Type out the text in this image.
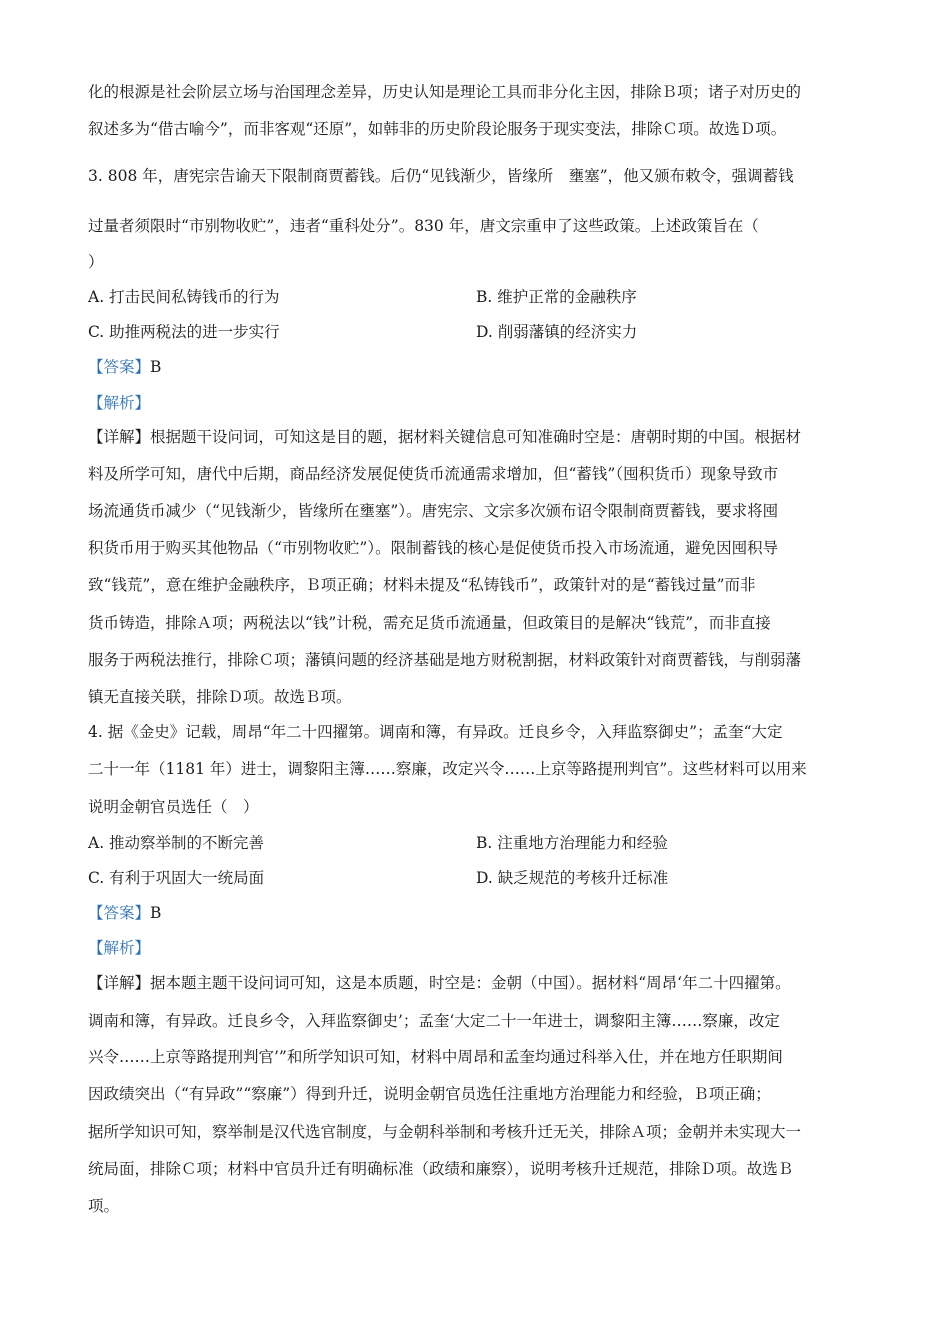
化的根源是社会阶层立场与治国理念差异，历史认知是理论工具而非分化主因，排除Ｂ项；诸子对历史的
叙述多为“借古喻今”，而非客观“还原”，如韩非的历史阶段论服务于现实变法，排除Ｃ项。故选Ｄ项。
3. 808 年，唐宪宗告谕天下限制商贾蓄钱。后仍“见钱渐少，皆缘所　壅塞”，他又颁布敕令，强调蓄钱
过量者须限时“市别物收贮”，违者“重科处分”。830 年，唐文宗重申了这些政策。上述政策旨在（
）
A. 打击民间私铸钱币的行为	B. 维护正常的金融秩序
C. 助推两税法的进一步实行	D. 削弱藩镇的经济实力
【答案】B
【解析】
【详解】根据题干设问词，可知这是目的题，据材料关键信息可知准确时空是：唐朝时期的中国。根据材
料及所学可知，唐代中后期，商品经济发展促使货币流通需求增加，但“蓄钱”（囤积货币）现象导致市
场流通货币减少（“见钱渐少，皆缘所在壅塞”）。唐宪宗、文宗多次颁布诏令限制商贾蓄钱，要求将囤
积货币用于购买其他物品（“市别物收贮”）。限制蓄钱的核心是促使货币投入市场流通，避免因囤积导
致“钱荒”，意在维护金融秩序，Ｂ项正确；材料未提及“私铸钱币”，政策针对的是“蓄钱过量”而非
货币铸造，排除Ａ项；两税法以“钱”计税，需充足货币流通量，但政策目的是解决“钱荒”，而非直接
服务于两税法推行，排除Ｃ项；藩镇问题的经济基础是地方财税割据，材料政策针对商贾蓄钱，与削弱藩
镇无直接关联，排除Ｄ项。故选Ｂ项。
4. 据《金史》记载，周昂“年二十四擢第。调南和簿，有异政。迁良乡令，入拜监察御史”；孟奎“大定
二十一年（1181 年）进士，调黎阳主簿……察廉，改定兴令……上京等路提刑判官”。这些材料可以用来
说明金朝官员选任（　）
A. 推动察举制的不断完善	B. 注重地方治理能力和经验
C. 有利于巩固大一统局面	D. 缺乏规范的考核升迁标准
【答案】B
【解析】
【详解】据本题主题干设问词可知，这是本质题，时空是：金朝（中国）。据材料“周昂‘年二十四擢第。
调南和簿，有异政。迁良乡令，入拜监察御史’；孟奎‘大定二十一年进士，调黎阳主簿……察廉，改定
兴令……上京等路提刑判官’”和所学知识可知，材料中周昂和孟奎均通过科举入仕，并在地方任职期间
因政绩突出（“有异政”“察廉”）得到升迁，说明金朝官员选任注重地方治理能力和经验，Ｂ项正确；
据所学知识可知，察举制是汉代选官制度，与金朝科举制和考核升迁无关，排除Ａ项；金朝并未实现大一
统局面，排除Ｃ项；材料中官员升迁有明确标准（政绩和廉察），说明考核升迁规范，排除Ｄ项。故选Ｂ
项。
